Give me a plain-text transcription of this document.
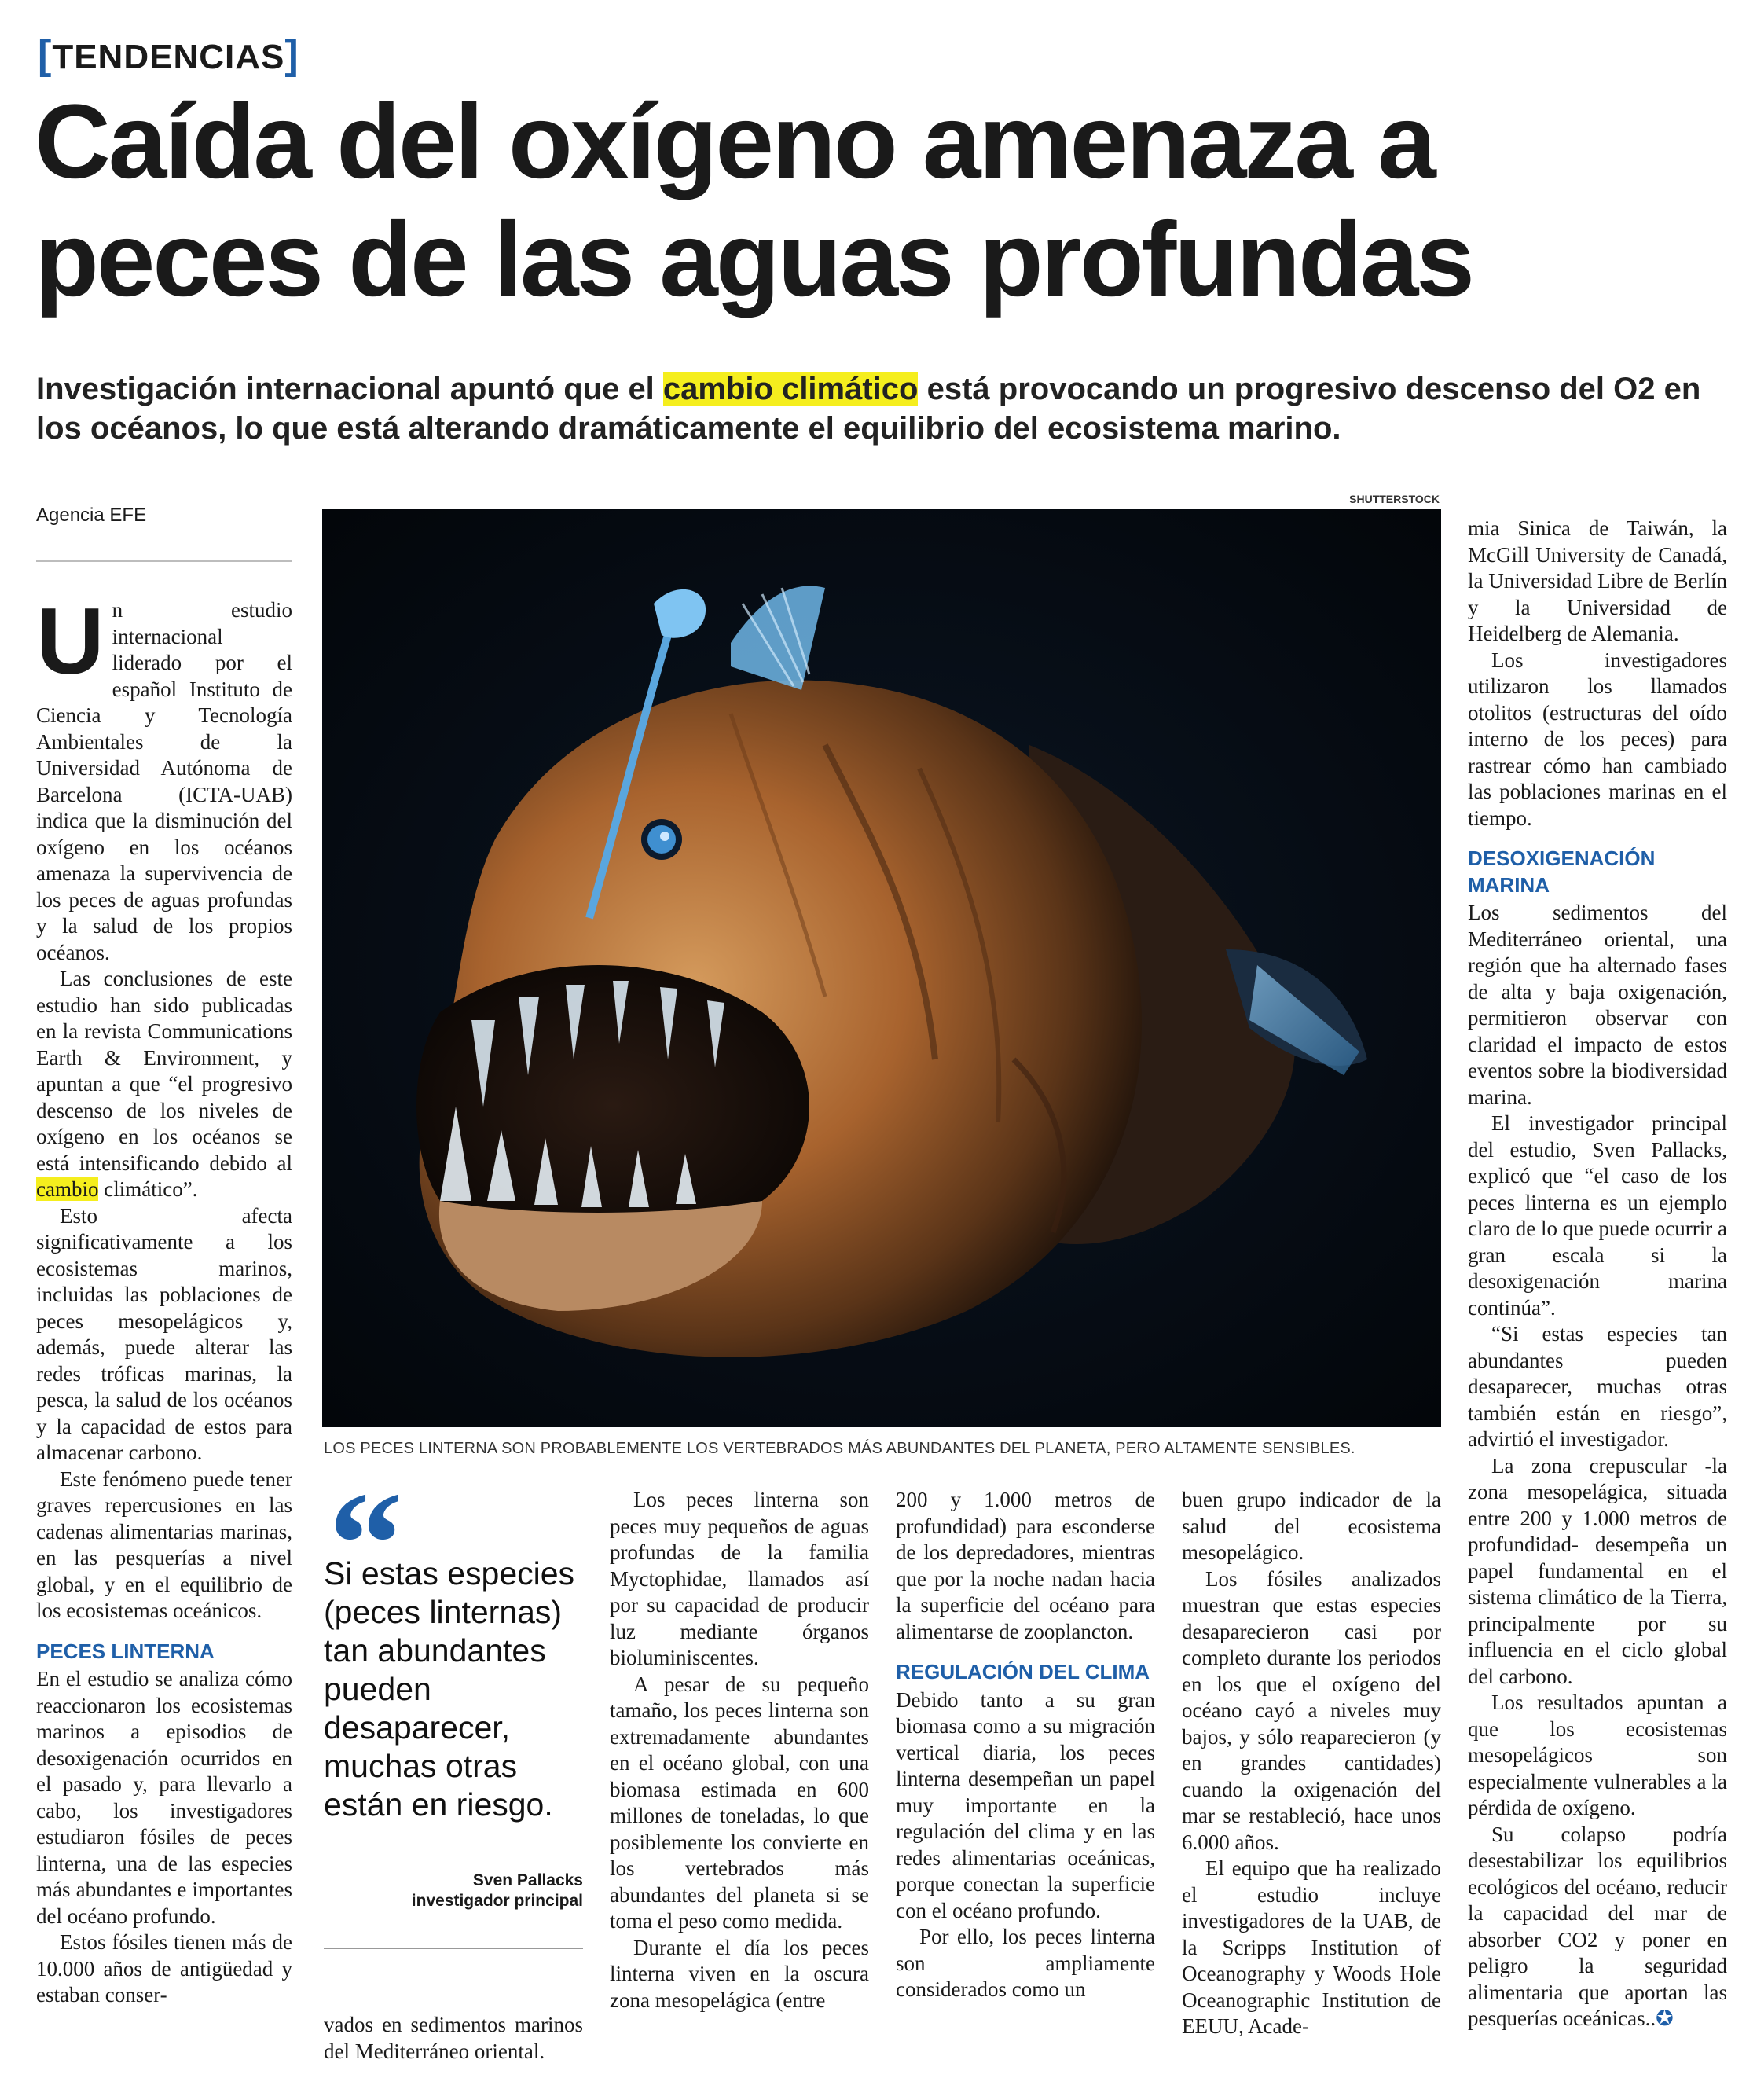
[TENDENCIAS]
Caída del oxígeno amenaza a peces de las aguas profundas
Investigación internacional apuntó que el cambio climático está provocando un progresivo descenso del O2 en los océanos, lo que está alterando dramáticamente el equilibrio del ecosistema marino.
Agencia EFE
SHUTTERSTOCK
LOS PECES LINTERNA SON PROBABLEMENTE LOS VERTEBRADOS MÁS ABUNDANTES DEL PLANETA, PERO ALTAMENTE SENSIBLES.

Un estudio internacional liderado por el español Instituto de Ciencia y Tecnología Ambientales de la Universidad Autónoma de Barcelona (ICTA-UAB) indica que la disminución del oxígeno en los océanos amenaza la supervivencia de los peces de aguas profundas y la salud de los propios océanos.

Las conclusiones de este estudio han sido publicadas en la revista Communications Earth & Environment, y apuntan a que “el progresivo descenso de los niveles de oxígeno en los océanos se está intensificando debido al cambio climático”.

Esto afecta significativamente a los ecosistemas marinos, incluidas las poblaciones de peces mesopelágicos y, además, puede alterar las redes tróficas marinas, la pesca, la salud de los océanos y la capacidad de estos para almacenar carbono.

Este fenómeno puede tener graves repercusiones en las cadenas alimentarias marinas, en las pesquerías a nivel global, y en el equilibrio de los ecosistemas oceánicos.

PECES LINTERNA

En el estudio se analiza cómo reaccionaron los ecosistemas marinos a episodios de desoxigenación ocurridos en el pasado y, para llevarlo a cabo, los investigadores estudiaron fósiles de peces linterna, una de las especies más abundantes e importantes del océano profundo.

Estos fósiles tienen más de 10.000 años de antigüedad y estaban conser-

“
Si estas especies (peces linternas) tan abundantes pueden desaparecer, muchas otras están en riesgo.
Sven Pallacks
investigador principal

vados en sedimentos marinos del Mediterráneo oriental.

Los peces linterna son peces muy pequeños de aguas profundas de la familia Myctophidae, llamados así por su capacidad de producir luz mediante órganos bioluminiscentes.

A pesar de su pequeño tamaño, los peces linterna son extremadamente abundantes en el océano global, con una biomasa estimada en 600 millones de toneladas, lo que posiblemente los convierte en los vertebrados más abundantes del planeta si se toma el peso como medida.

Durante el día los peces linterna viven en la oscura zona mesopelágica (entre

200 y 1.000 metros de profundidad) para esconderse de los depredadores, mientras que por la noche nadan hacia la superficie del océano para alimentarse de zooplancton.

REGULACIÓN DEL CLIMA

Debido tanto a su gran biomasa como a su migración vertical diaria, los peces linterna desempeñan un papel muy importante en la regulación del clima y en las redes alimentarias oceánicas, porque conectan la superficie con el océano profundo.

Por ello, los peces linterna son ampliamente considerados como un

buen grupo indicador de la salud del ecosistema mesopelágico.

Los fósiles analizados muestran que estas especies desaparecieron casi por completo durante los periodos en los que el oxígeno del océano cayó a niveles muy bajos, y sólo reaparecieron (y en grandes cantidades) cuando la oxigenación del mar se restableció, hace unos 6.000 años.

El equipo que ha realizado el estudio incluye investigadores de la UAB, de la Scripps Institution of Oceanography y Woods Hole Oceanographic Institution de EEUU, Acade-

mia Sinica de Taiwán, la McGill University de Canadá, la Universidad Libre de Berlín y la Universidad de Heidelberg de Alemania.

Los investigadores utilizaron los llamados otolitos (estructuras del oído interno de los peces) para rastrear cómo han cambiado las poblaciones marinas en el tiempo.

DESOXIGENACIÓN MARINA

Los sedimentos del Mediterráneo oriental, una región que ha alternado fases de alta y baja oxigenación, permitieron observar con claridad el impacto de estos eventos sobre la biodiversidad marina.

El investigador principal del estudio, Sven Pallacks, explicó que “el caso de los peces linterna es un ejemplo claro de lo que puede ocurrir a gran escala si la desoxigenación marina continúa”.

“Si estas especies tan abundantes pueden desaparecer, muchas otras también están en riesgo”, advirtió el investigador.

La zona crepuscular -la zona mesopelágica, situada entre 200 y 1.000 metros de profundidad- desempeña un papel fundamental en el sistema climático de la Tierra, principalmente por su influencia en el ciclo global del carbono.

Los resultados apuntan a que los ecosistemas mesopelágicos son especialmente vulnerables a la pérdida de oxígeno.

Su colapso podría desestabilizar los equilibrios ecológicos del océano, reducir la capacidad del mar de absorber CO2 y poner en peligro la seguridad alimentaria que aportan las pesquerías oceánicas..✪
